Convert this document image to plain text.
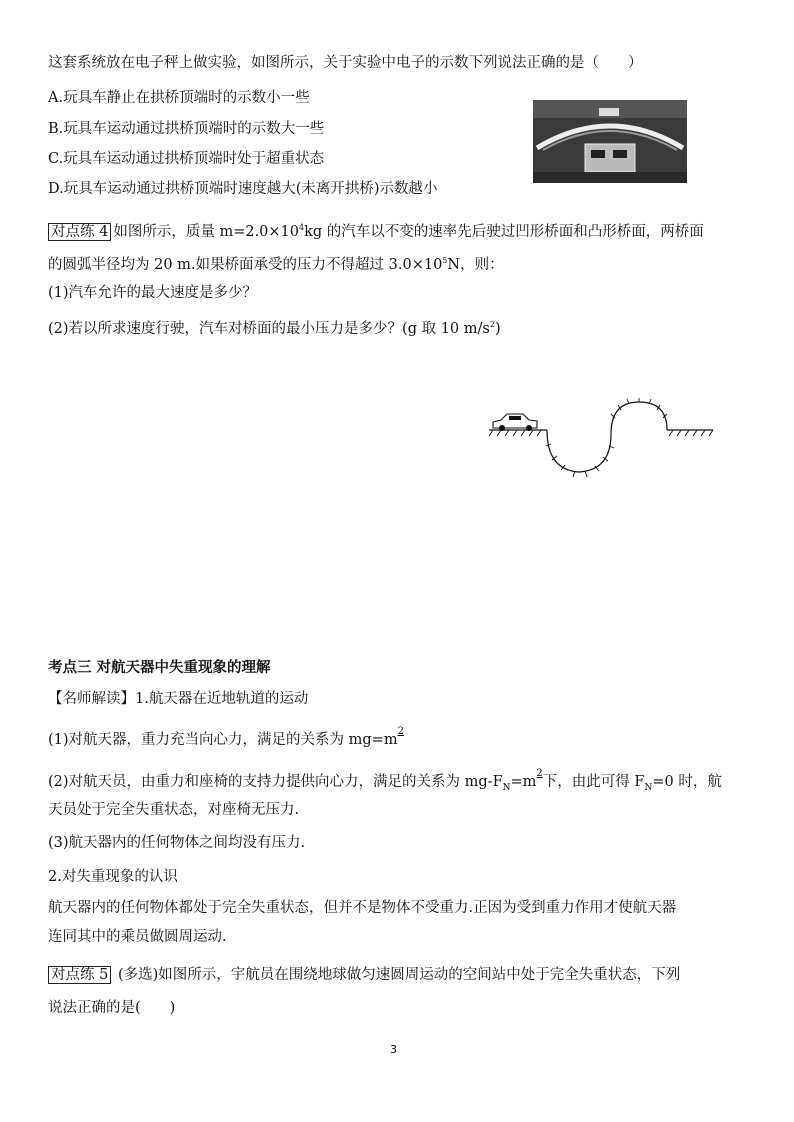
这套系统放在电子秤上做实验，如图所示，关于实验中电子的示数下列说法正确的是（　　）
A.玩具车静止在拱桥顶端时的示数小一些
B.玩具车运动通过拱桥顶端时的示数大一些
C.玩具车运动通过拱桥顶端时处于超重状态
D.玩具车运动通过拱桥顶端时速度越大(未离开拱桥)示数越小
对点练 4 如图所示，质量 $m=2.0\times 10^4kg$ 的汽车以不变的速率先后驶过凹形桥面和凸形桥面，两桥面
的圆弧半径均为 20 m.如果桥面承受的压力不得超过 $3.0\times 10^5N$，则：
(1)汽车允许的最大速度是多少？
(2)若以所求速度行驶，汽车对桥面的最小压力是多少？(g 取 10 $m/s^2$)
考点三 对航天器中失重现象的理解
【名师解读】1.航天器在近地轨道的运动
(1)对航天器，重力充当向心力，满足的关系为 $mg=m^2$
(2)对航天员，由重力和座椅的支持力提供向心力，满足的关系为 $mg-F_N=m^2$下，由此可得 $F_N=0$ 时，航
天员处于完全失重状态，对座椅无压力.
(3)航天器内的任何物体之间均没有压力.
2.对失重现象的认识
航天器内的任何物体都处于完全失重状态，但并不是物体不受重力.正因为受到重力作用才使航天器
连同其中的乘员做圆周运动.
对点练 5 (多选)如图所示，宇航员在围绕地球做匀速圆周运动的空间站中处于完全失重状态，下列
说法正确的是(　　)
3
